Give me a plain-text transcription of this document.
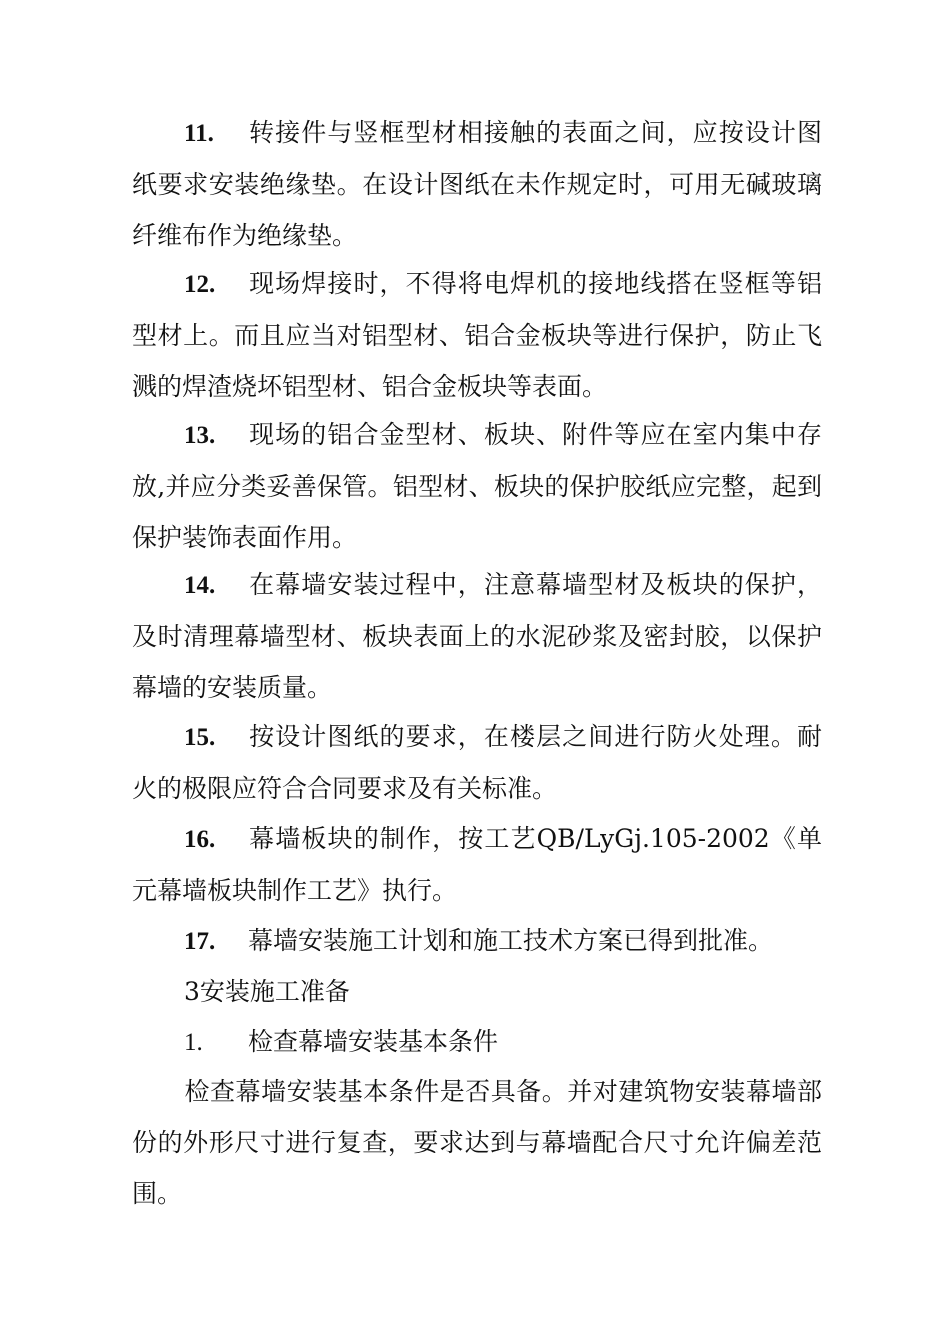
11. 转接件与竖框型材相接触的表面之间，应按设计图纸要求安装绝缘垫。在设计图纸在未作规定时，可用无碱玻璃纤维布作为绝缘垫。

12. 现场焊接时，不得将电焊机的接地线搭在竖框等铝型材上。而且应当对铝型材、铝合金板块等进行保护，防止飞溅的焊渣烧坏铝型材、铝合金板块等表面。

13. 现场的铝合金型材、板块、附件等应在室内集中存放,并应分类妥善保管。铝型材、板块的保护胶纸应完整，起到保护装饰表面作用。

14. 在幕墙安装过程中，注意幕墙型材及板块的保护，及时清理幕墙型材、板块表面上的水泥砂浆及密封胶，以保护幕墙的安装质量。

15. 按设计图纸的要求，在楼层之间进行防火处理。耐火的极限应符合合同要求及有关标准。

16. 幕墙板块的制作，按工艺QB/LyGj.105-2002《单元幕墙板块制作工艺》执行。

17. 幕墙安装施工计划和施工技术方案已得到批准。

3安装施工准备

1. 检查幕墙安装基本条件

检查幕墙安装基本条件是否具备。并对建筑物安装幕墙部份的外形尺寸进行复查，要求达到与幕墙配合尺寸允许偏差范围。
